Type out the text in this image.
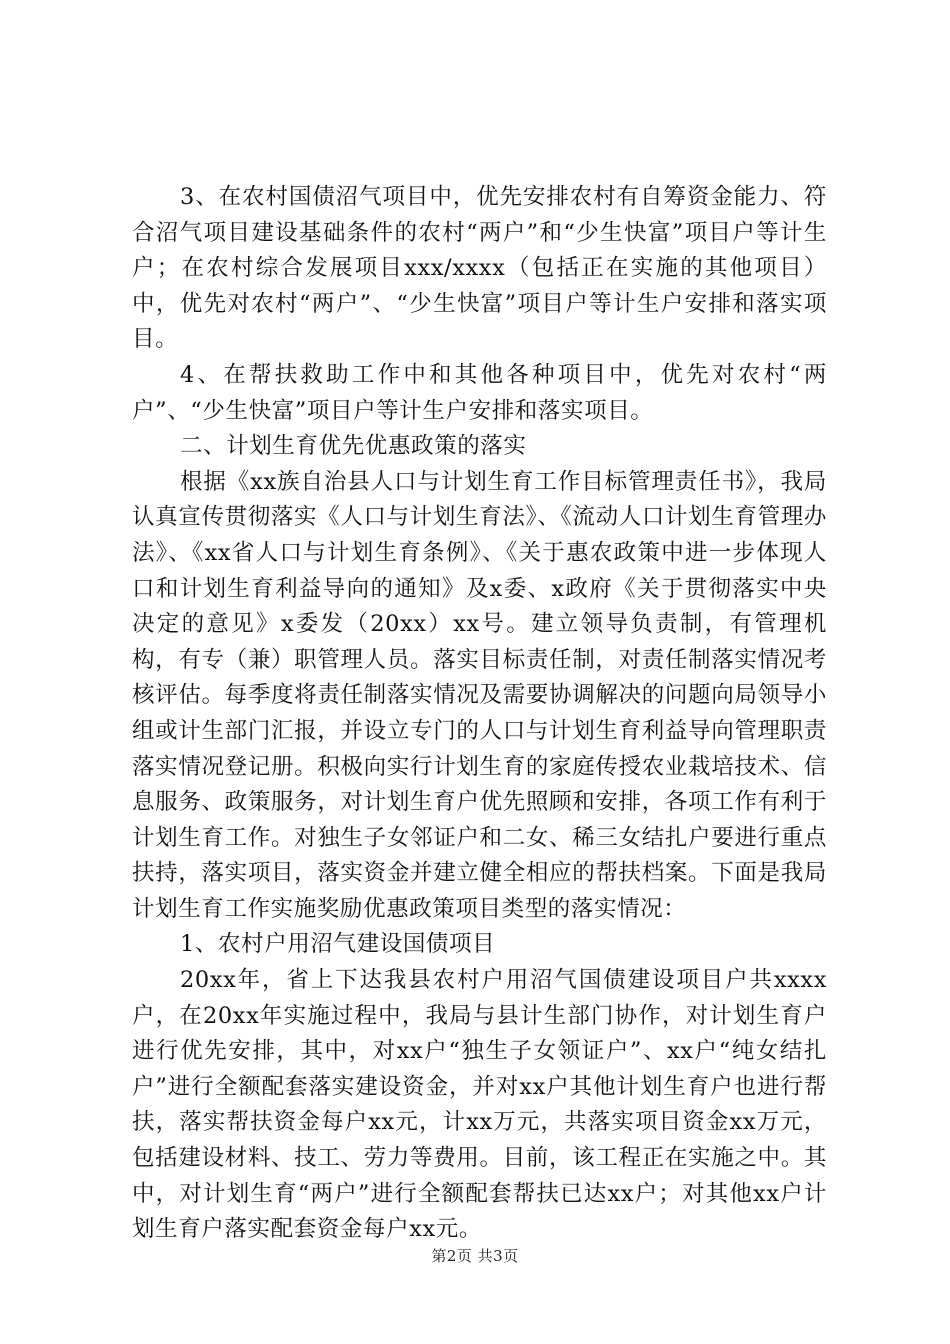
3、在农村国债沼气项目中，优先安排农村有自筹资金能力、符合沼气项目建设基础条件的农村“两户”和“少生快富”项目户等计生户；在农村综合发展项目xxx/xxxx（包括正在实施的其他项目）中，优先对农村“两户”、“少生快富”项目户等计生户安排和落实项目。

4、在帮扶救助工作中和其他各种项目中，优先对农村“两户”、“少生快富”项目户等计生户安排和落实项目。

二、计划生育优先优惠政策的落实

根据《xx族自治县人口与计划生育工作目标管理责任书》，我局认真宣传贯彻落实《人口与计划生育法》、《流动人口计划生育管理办法》、《xx省人口与计划生育条例》、《关于惠农政策中进一步体现人口和计划生育利益导向的通知》及x委、x政府《关于贯彻落实中央决定的意见》x委发（20xx）xx号。建立领导负责制，有管理机构，有专（兼）职管理人员。落实目标责任制，对责任制落实情况考核评估。每季度将责任制落实情况及需要协调解决的问题向局领导小组或计生部门汇报，并设立专门的人口与计划生育利益导向管理职责落实情况登记册。积极向实行计划生育的家庭传授农业栽培技术、信息服务、政策服务，对计划生育户优先照顾和安排，各项工作有利于计划生育工作。对独生子女邻证户和二女、稀三女结扎户要进行重点扶持，落实项目，落实资金并建立健全相应的帮扶档案。下面是我局计划生育工作实施奖励优惠政策项目类型的落实情况：

1、农村户用沼气建设国债项目

20xx年，省上下达我县农村户用沼气国债建设项目户共xxxx户，在20xx年实施过程中，我局与县计生部门协作，对计划生育户进行优先安排，其中，对xx户“独生子女领证户”、xx户“纯女结扎户”进行全额配套落实建设资金，并对xx户其他计划生育户也进行帮扶，落实帮扶资金每户xx元，计xx万元，共落实项目资金xx万元，包括建设材料、技工、劳力等费用。目前，该工程正在实施之中。其中，对计划生育“两户”进行全额配套帮扶已达xx户；对其他xx户计划生育户落实配套资金每户xx元。

第2页 共3页
